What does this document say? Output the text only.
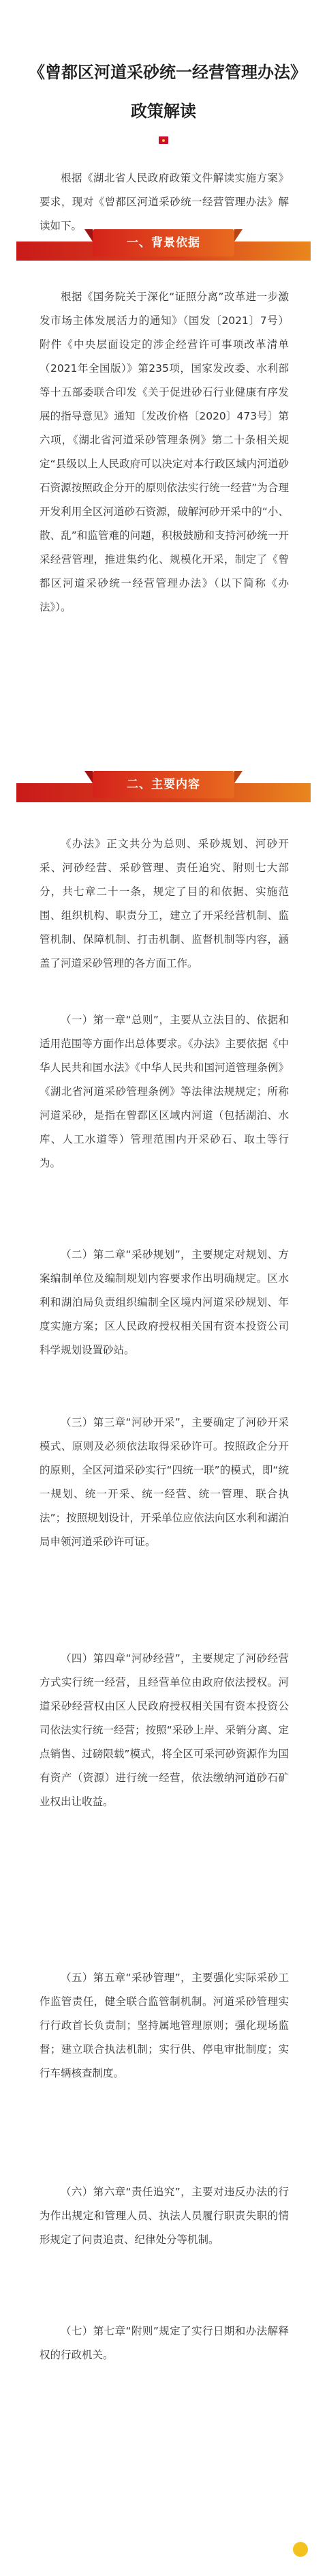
《曾都区河道采砂统一经营管理办法》政策解读

根据《湖北省人民政府政策文件解读实施方案》要求，现对《曾都区河道采砂统一经营管理办法》解读如下。

一、背景依据

根据《国务院关于深化“证照分离”改革进一步激发市场主体发展活力的通知》（国发〔2021〕7号）附件《中央层面设定的涉企经营许可事项改革清单（2021年全国版）》第235项，国家发改委、水利部等十五部委联合印发《关于促进砂石行业健康有序发展的指导意见》通知〔发改价格〔2020〕473号〕第六项，《湖北省河道采砂管理条例》第二十条相关规定“县级以上人民政府可以决定对本行政区域内河道砂石资源按照政企分开的原则依法实行统一经营”为合理开发利用全区河道砂石资源，破解河砂开采中的“小、散、乱”和监管难的问题，积极鼓励和支持河砂统一开采经营管理，推进集约化、规模化开采，制定了《曾都区河道采砂统一经营管理办法》（以下简称《办法》）。

二、主要内容

《办法》正文共分为总则、采砂规划、河砂开采、河砂经营、采砂管理、责任追究、附则七大部分，共七章二十一条，规定了目的和依据、实施范围、组织机构、职责分工，建立了开采经营机制、监管机制、保障机制、打击机制、监督机制等内容，涵盖了河道采砂管理的各方面工作。

（一）第一章“总则”，主要从立法目的、依据和适用范围等方面作出总体要求。《办法》主要依据《中华人民共和国水法》《中华人民共和国河道管理条例》《湖北省河道采砂管理条例》等法律法规规定；所称河道采砂，是指在曾都区区域内河道（包括湖泊、水库、人工水道等）管理范围内开采砂石、取土等行为。

（二）第二章“采砂规划”，主要规定对规划、方案编制单位及编制规划内容要求作出明确规定。区水利和湖泊局负责组织编制全区境内河道采砂规划、年度实施方案；区人民政府授权相关国有资本投资公司科学规划设置砂站。

（三）第三章“河砂开采”，主要确定了河砂开采模式、原则及必须依法取得采砂许可。按照政企分开的原则，全区河道采砂实行“四统一联”的模式，即“统一规划、统一开采、统一经营、统一管理、联合执法”；按照规划设计，开采单位应依法向区水利和湖泊局申领河道采砂许可证。

（四）第四章“河砂经营”，主要规定了河砂经营方式实行统一经营，且经营单位由政府依法授权。河道采砂经营权由区人民政府授权相关国有资本投资公司依法实行统一经营；按照“采砂上岸、采销分离、定点销售、过磅限载”模式，将全区可采河砂资源作为国有资产（资源）进行统一经营，依法缴纳河道砂石矿业权出让收益。

（五）第五章“采砂管理”，主要强化实际采砂工作监管责任，健全联合监管制机制。河道采砂管理实行行政首长负责制；坚持属地管理原则；强化现场监督；建立联合执法机制；实行供、停电审批制度；实行车辆核查制度。

（六）第六章“责任追究”，主要对违反办法的行为作出规定和管理人员、执法人员履行职责失职的情形规定了问责追责、纪律处分等机制。

（七）第七章“附则”规定了实行日期和办法解释权的行政机关。
